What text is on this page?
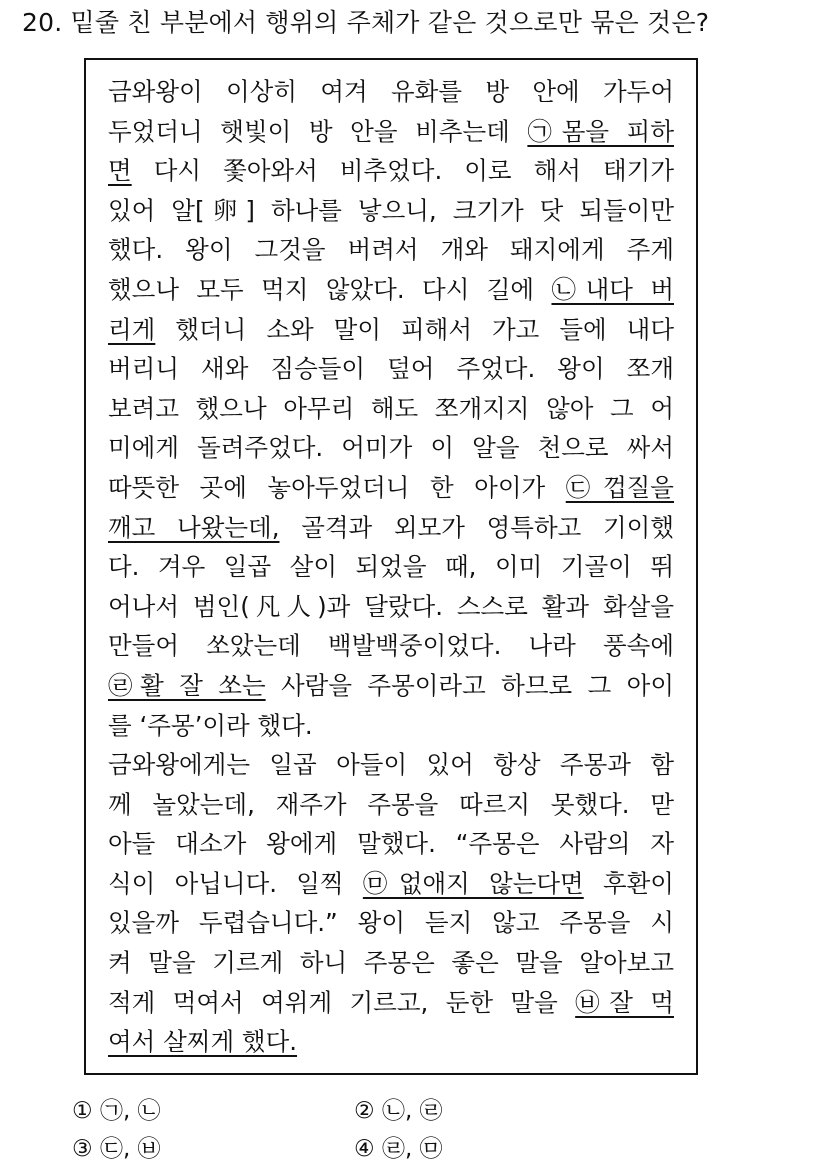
20. 밑줄 친 부분에서 행위의 주체가 같은 것으로만 묶은 것은?
금와왕이 이상히 여겨 유화를 방 안에 가두어
두었더니 햇빛이 방 안을 비추는데 ㉠몸을 피하
면 다시 쫓아와서 비추었다. 이로 해서 태기가
있어 알[卵] 하나를 낳으니, 크기가 닷 되들이만
했다. 왕이 그것을 버려서 개와 돼지에게 주게
했으나 모두 먹지 않았다. 다시 길에 ㉡내다 버
리게 했더니 소와 말이 피해서 가고 들에 내다
버리니 새와 짐승들이 덮어 주었다. 왕이 쪼개
보려고 했으나 아무리 해도 쪼개지지 않아 그 어
미에게 돌려주었다. 어미가 이 알을 천으로 싸서
따뜻한 곳에 놓아두었더니 한 아이가 ㉢껍질을
깨고 나왔는데, 골격과 외모가 영특하고 기이했
다. 겨우 일곱 살이 되었을 때, 이미 기골이 뛰
어나서 범인(凡人)과 달랐다. 스스로 활과 화살을
만들어 쏘았는데 백발백중이었다. 나라 풍속에
㉣활 잘 쏘는 사람을 주몽이라고 하므로 그 아이
를 ‘주몽’이라 했다.
금와왕에게는 일곱 아들이 있어 항상 주몽과 함
께 놀았는데, 재주가 주몽을 따르지 못했다. 맏
아들 대소가 왕에게 말했다. “주몽은 사람의 자
식이 아닙니다. 일찍 ㉤없애지 않는다면 후환이
있을까 두렵습니다.” 왕이 듣지 않고 주몽을 시
켜 말을 기르게 하니 주몽은 좋은 말을 알아보고
적게 먹여서 여위게 기르고, 둔한 말을 ㉥잘 먹
여서 살찌게 했다.
① ㉠, ㉡	② ㉡, ㉣
③ ㉢, ㉥	④ ㉣, ㉤
